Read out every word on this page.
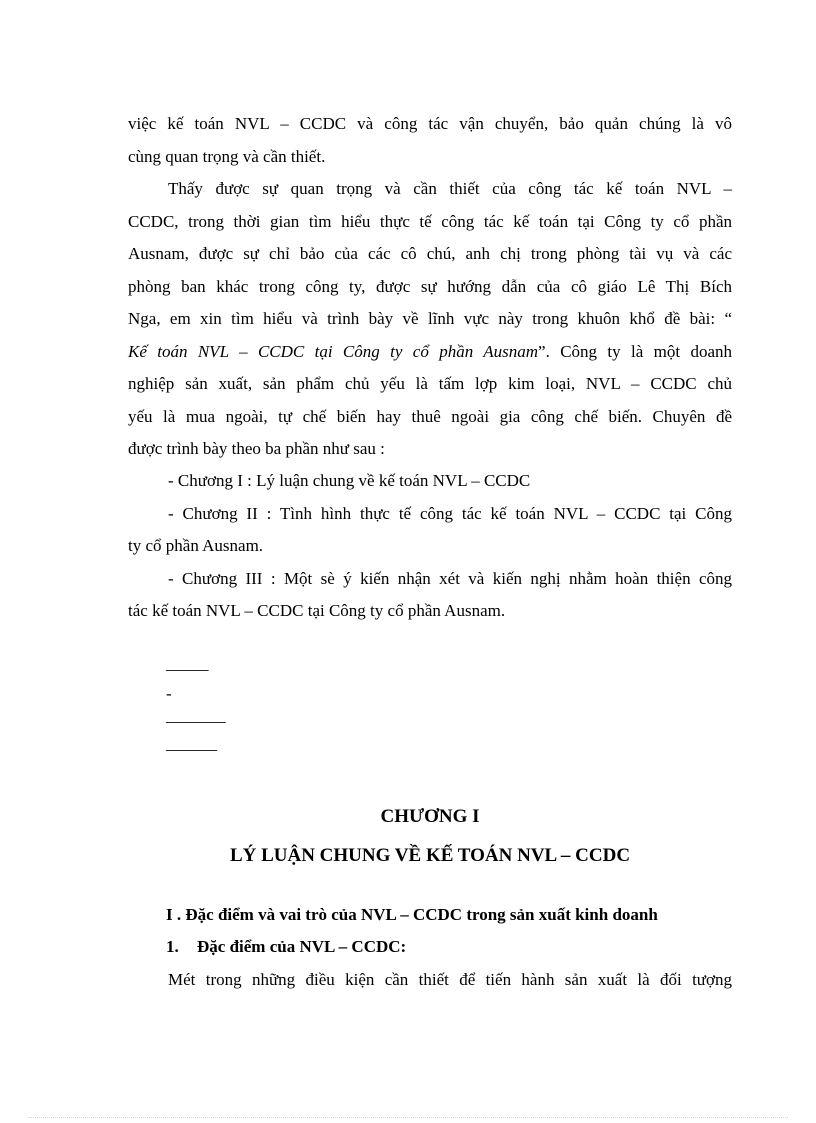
việc kế toán NVL – CCDC và công tác vận chuyển, bảo quản chúng là vô
cùng quan trọng và cần thiết.
Thấy được sự quan trọng và cần thiết của công tác kế toán NVL –
CCDC, trong thời gian tìm hiểu thực tế công tác kế toán tại Công ty cổ phần
Ausnam, được sự chỉ bảo của các cô chú, anh chị trong phòng tài vụ và các
phòng ban khác trong công ty, được sự hướng dẫn của cô giáo Lê Thị Bích
Nga, em xin tìm hiểu và trình bày về lĩnh vực này trong khuôn khổ đề bài: “
Kế toán NVL – CCDC tại Công ty cổ phần Ausnam”. Công ty là một doanh
nghiệp sản xuất, sản phẩm chủ yếu là tấm lợp kim loại, NVL – CCDC chủ
yếu là mua ngoài, tự chế biến hay thuê ngoài gia công chế biến. Chuyên đề
được trình bày theo ba phần như sau :
- Chương I : Lý luận chung về kế toán NVL – CCDC
- Chương II : Tình hình thực tế công tác kế toán NVL – CCDC tại Công
ty cổ phần Ausnam.
- Chương III : Một sè ý kiến nhận xét và kiến nghị nhằm hoàn thiện công
tác kế toán NVL – CCDC tại Công ty cổ phần Ausnam.
_____
-
_______
______
CHƯƠNG I
LÝ LUẬN CHUNG VỀ KẾ TOÁN NVL – CCDC
I . Đặc điểm và vai trò của NVL – CCDC trong sản xuất kinh doanh
1. Đặc điểm của NVL – CCDC:
Mét trong những điều kiện cần thiết để tiến hành sản xuất là đối tượng
